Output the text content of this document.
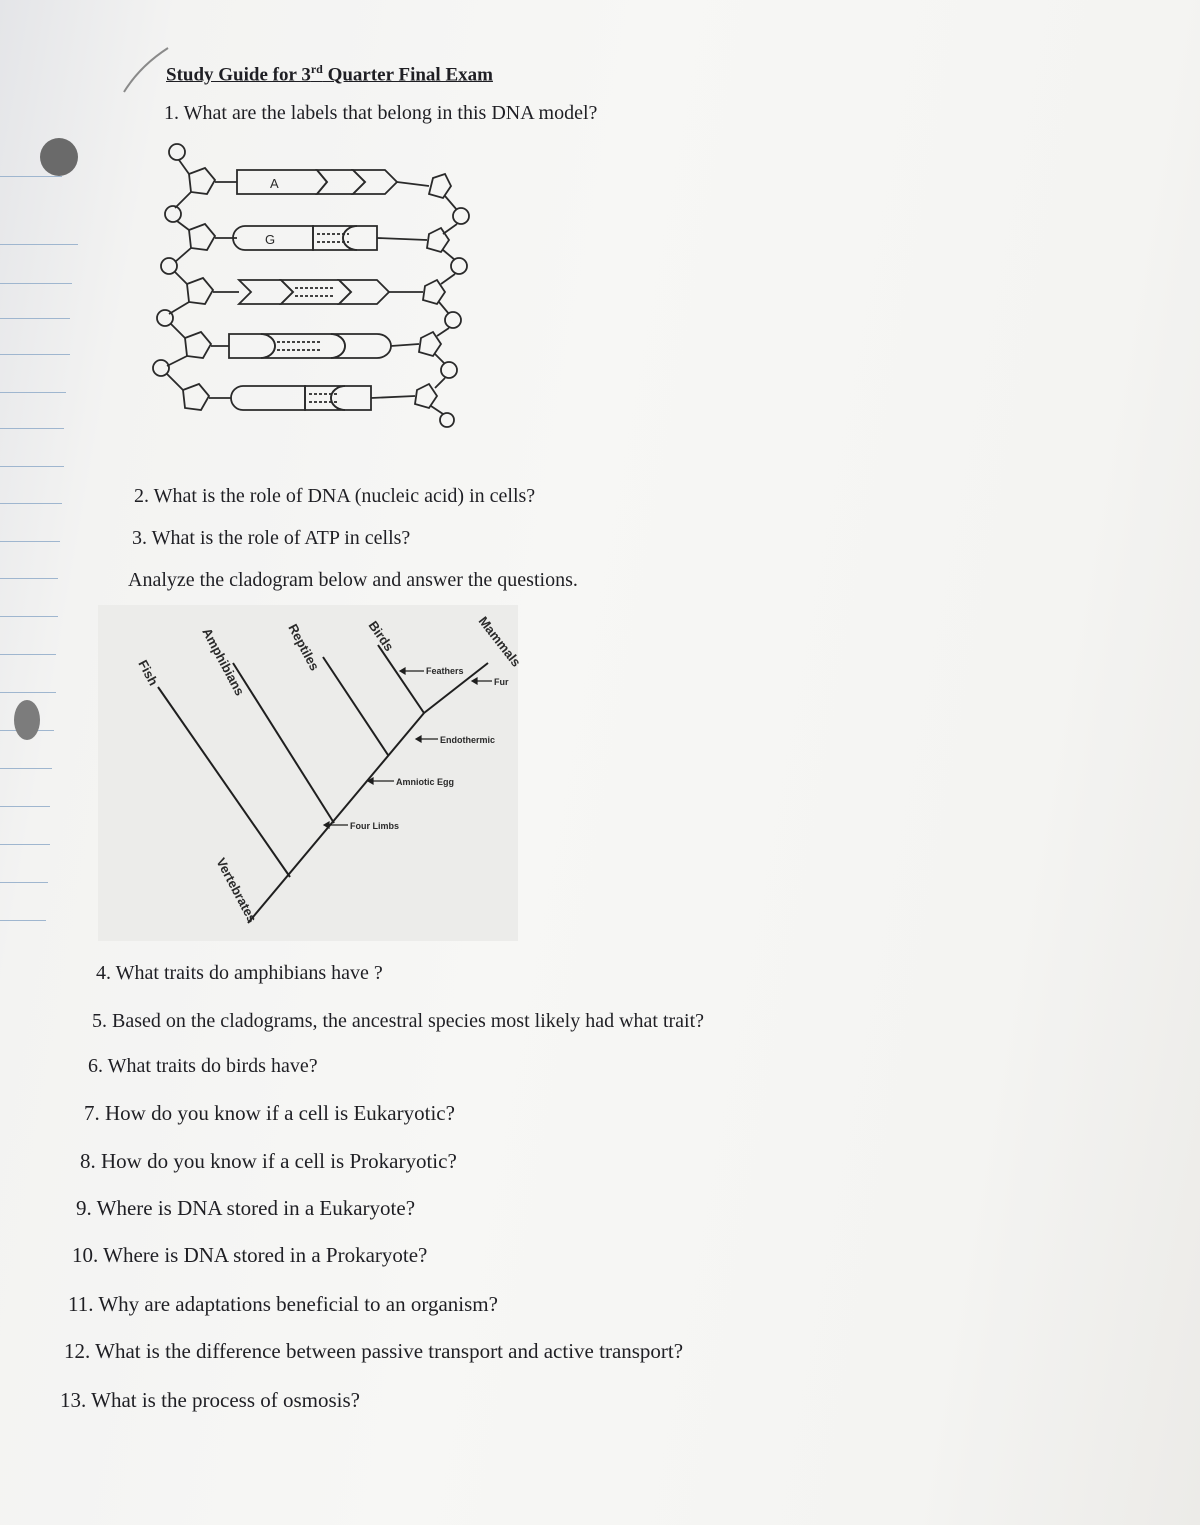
Study Guide for 3rd Quarter Final Exam
1. What are the labels that belong in this DNA model?
A
G
2. What is the role of DNA (nucleic acid) in cells?
3. What is the role of ATP in cells?
Analyze the cladogram below and answer the questions.
Fish	Amphibians	Reptiles	Birds	Mammals
Vertebrates
Four Limbs
Amniotic Egg
Endothermic
Feathers
Fur
4. What traits do amphibians have ?
5. Based on the cladograms, the ancestral species most likely had what trait?
6. What traits do birds have?
7. How do you know if a cell is Eukaryotic?
8. How do you know if a cell is Prokaryotic?
9. Where is DNA stored in a Eukaryote?
10. Where is DNA stored in a Prokaryote?
11. Why are adaptations beneficial to an organism?
12. What is the difference between passive transport and active transport?
13. What is the process of osmosis?
